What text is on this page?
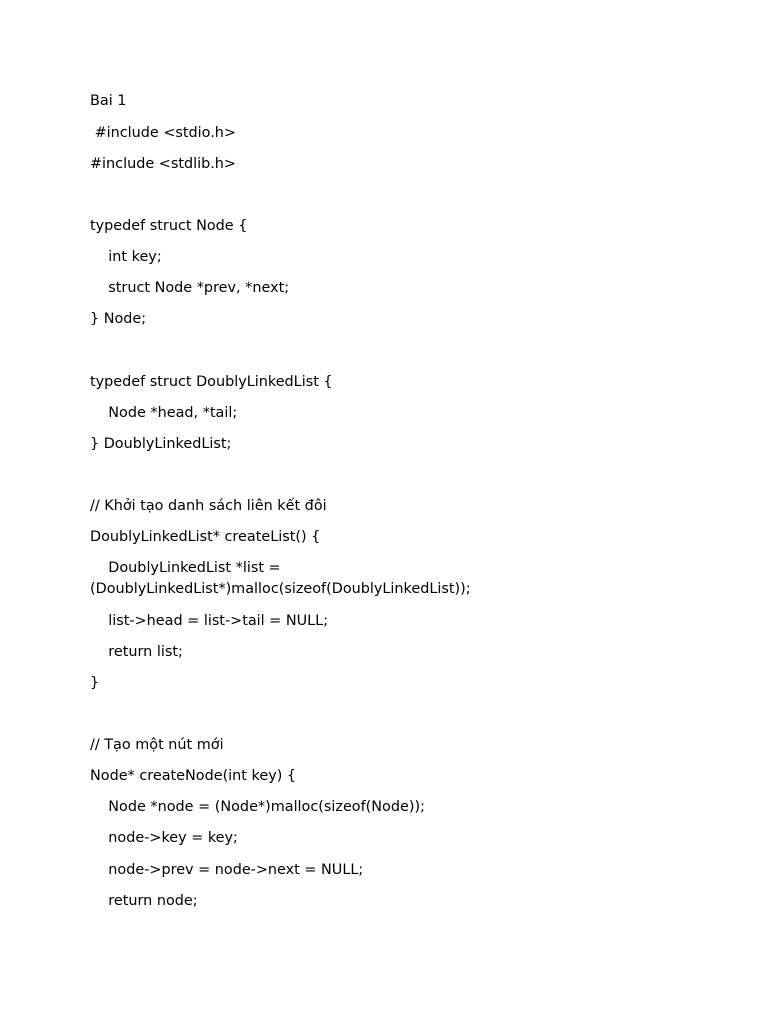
Bai 1

#include <stdio.h>

#include <stdlib.h>

typedef struct Node {

int key;

struct Node *prev, *next;

} Node;

typedef struct DoublyLinkedList {

Node *head, *tail;

} DoublyLinkedList;

// Khởi tạo danh sách liên kết đôi

DoublyLinkedList* createList() {

DoublyLinkedList *list =

(DoublyLinkedList*)malloc(sizeof(DoublyLinkedList));

list->head = list->tail = NULL;

return list;

}

// Tạo một nút mới

Node* createNode(int key) {

Node *node = (Node*)malloc(sizeof(Node));

node->key = key;

node->prev = node->next = NULL;

return node;
